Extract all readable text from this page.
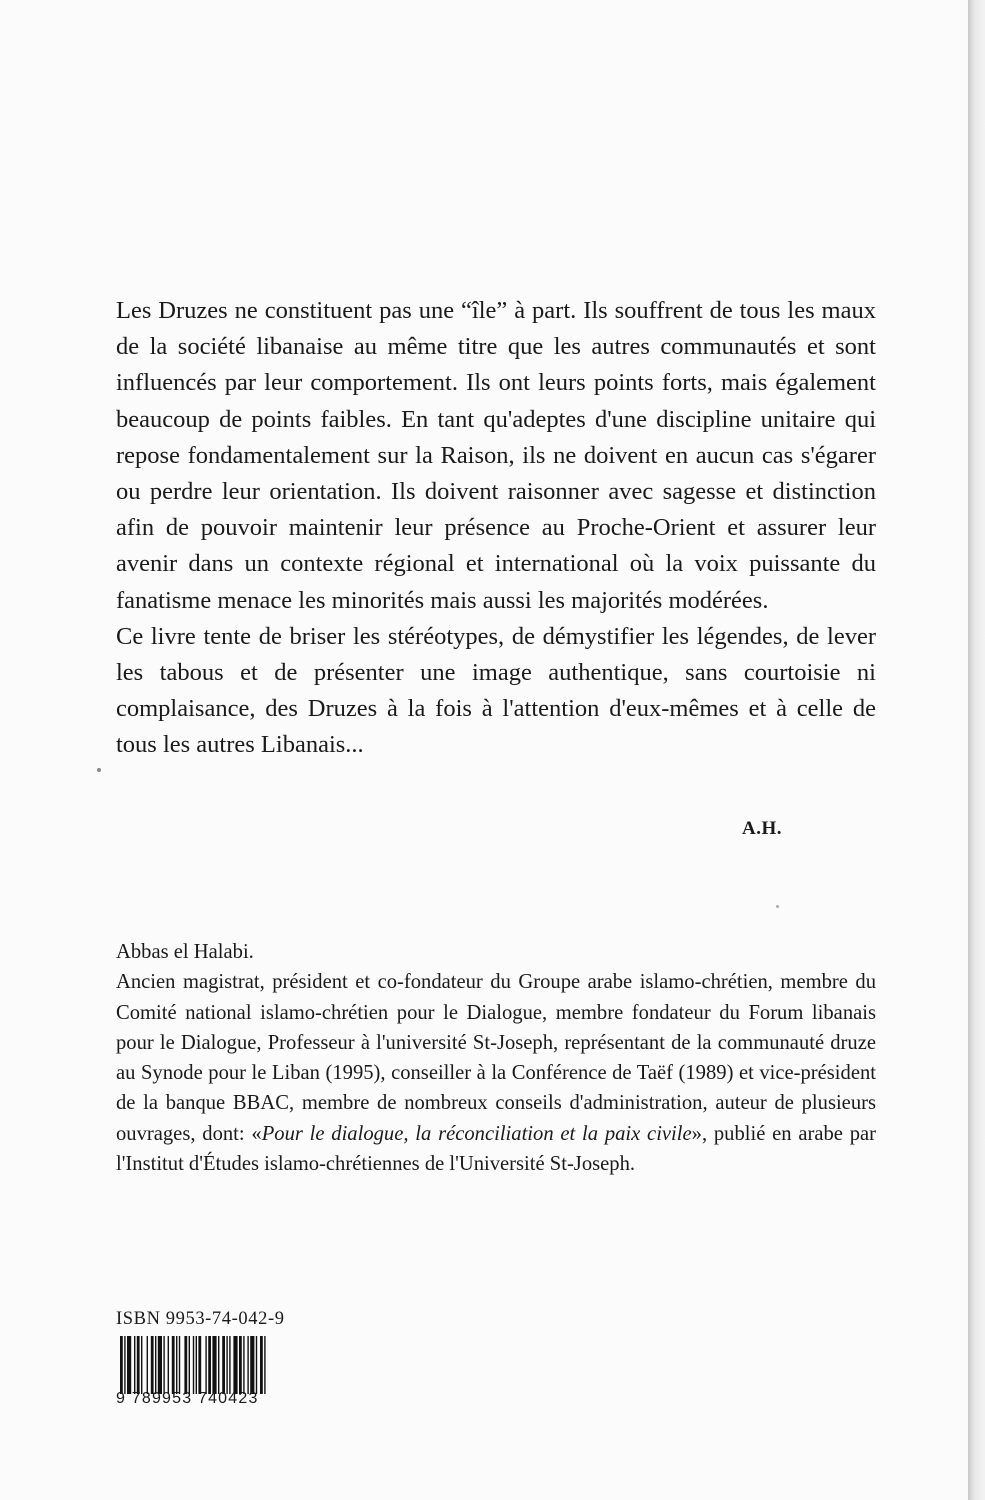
Les Druzes ne constituent pas une “île” à part. Ils souffrent de tous les maux de la société libanaise au même titre que les autres communautés et sont influencés par leur comportement. Ils ont leurs points forts, mais également beaucoup de points faibles. En tant qu'adeptes d'une discipline unitaire qui repose fondamentalement sur la Raison, ils ne doivent en aucun cas s'égarer ou perdre leur orientation. Ils doivent raisonner avec sagesse et distinction afin de pouvoir maintenir leur présence au Proche-Orient et assurer leur avenir dans un contexte régional et international où la voix puissante du fanatisme menace les minorités mais aussi les majorités modérées.

Ce livre tente de briser les stéréotypes, de démystifier les légendes, de lever les tabous et de présenter une image authentique, sans courtoisie ni complaisance, des Druzes à la fois à l'attention d'eux-mêmes et à celle de tous les autres Libanais...

A.H.

Abbas el Halabi.

Ancien magistrat, président et co-fondateur du Groupe arabe islamo-chrétien, membre du Comité national islamo-chrétien pour le Dialogue, membre fondateur du Forum libanais pour le Dialogue, Professeur à l'université St-Joseph, représentant de la communauté druze au Synode pour le Liban (1995), conseiller à la Conférence de Taëf (1989) et vice-président de la banque BBAC, membre de nombreux conseils d'administration, auteur de plusieurs ouvrages, dont: «Pour le dialogue, la réconciliation et la paix civile», publié en arabe par l'Institut d'Études islamo-chrétiennes de l'Université St-Joseph.

ISBN 9953-74-042-9
9 789953 740423
